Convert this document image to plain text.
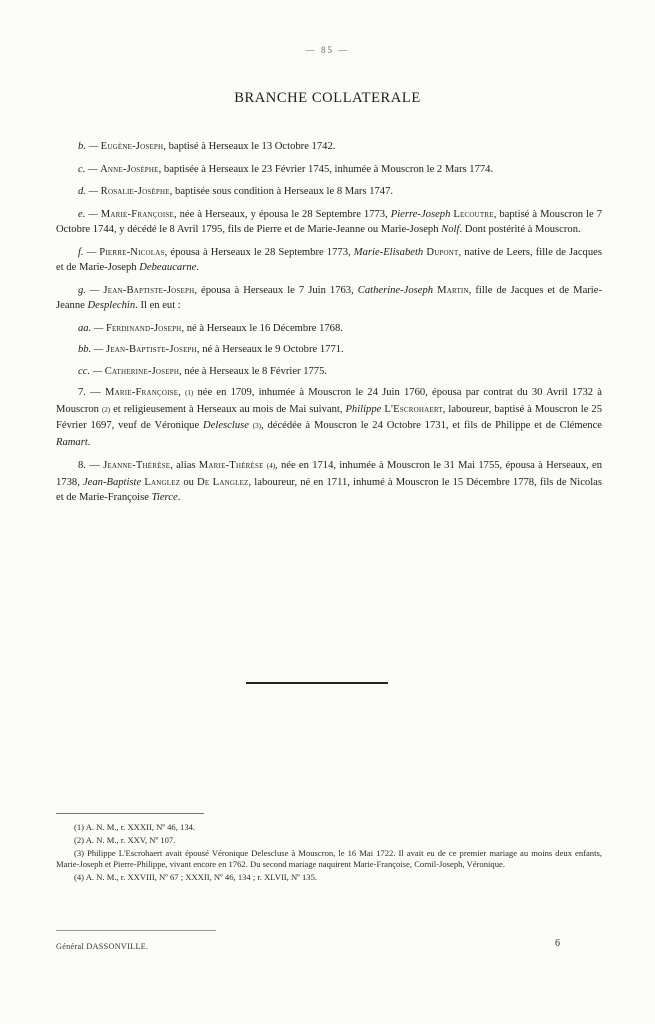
— 85 —
BRANCHE COLLATERALE

b. — Eugène-Joseph, baptisé à Herseaux le 13 Octobre 1742.

c. — Anne-Josèphe, baptisée à Herseaux le 23 Février 1745, inhumée à Mouscron le 2 Mars 1774.

d. — Rosalie-Josèphe, baptisée sous condition à Herseaux le 8 Mars 1747.

e. — Marie-Françoise, née à Herseaux, y épousa le 28 Septembre 1773, Pierre-Joseph Lecoutre, baptisé à Mouscron le 7 Octobre 1744, y décédé le 8 Avril 1795, fils de Pierre et de Marie-Jeanne ou Marie-Joseph Nolf. Dont postérité à Mouscron.

f. — Pierre-Nicolas, épousa à Herseaux le 28 Septembre 1773, Marie-Elisabeth Dupont, native de Leers, fille de Jacques et de Marie-Joseph Debeaucarne.

g. — Jean-Baptiste-Joseph, épousa à Herseaux le 7 Juin 1763, Catherine-Joseph Martin, fille de Jacques et de Marie-Jeanne Desplechin. Il en eut :

aa. — Ferdinand-Joseph, né à Herseaux le 16 Décembre 1768.

bb. — Jean-Baptiste-Joseph, né à Herseaux le 9 Octobre 1771.

cc. — Catherine-Joseph, née à Herseaux le 8 Février 1775.

7. — Marie-Françoise, (1) née en 1709, inhumée à Mouscron le 24 Juin 1760, épousa par contrat du 30 Avril 1732 à Mouscron (2) et religieusement à Herseaux au mois de Mai suivant, Philippe L'Escrohaert, laboureur, baptisé à Mouscron le 25 Février 1697, veuf de Véronique Delescluse (3), décédée à Mouscron le 24 Octobre 1731, et fils de Philippe et de Clémence Ramart.

8. — Jeanne-Thérèse, alias Marie-Thérèse (4), née en 1714, inhumée à Mouscron le 31 Mai 1755, épousa à Herseaux, en 1738, Jean-Baptiste Langlez ou De Langlez, laboureur, né en 1711, inhumé à Mouscron le 15 Décembre 1778, fils de Nicolas et de Marie-Françoise Tierce.

(1) A. N. M., r. XXXII, Nº 46, 134.

(2) A. N. M., r. XXV, Nº 107.

(3) Philippe L'Escrohaert avait épousé Véronique Delescluse à Mouscron, le 16 Mai 1722. Il avait eu de ce premier mariage au moins deux enfants, Marie-Joseph et Pierre-Philippe, vivant encore en 1762. Du second mariage naquirent Marie-Françoise, Cornil-Joseph, Véronique.

(4) A. N. M., r. XXVIII, Nº 67 ; XXXII, Nº 46, 134 ; r. XLVII, Nº 135.

Général DASSONVILLE.	6
